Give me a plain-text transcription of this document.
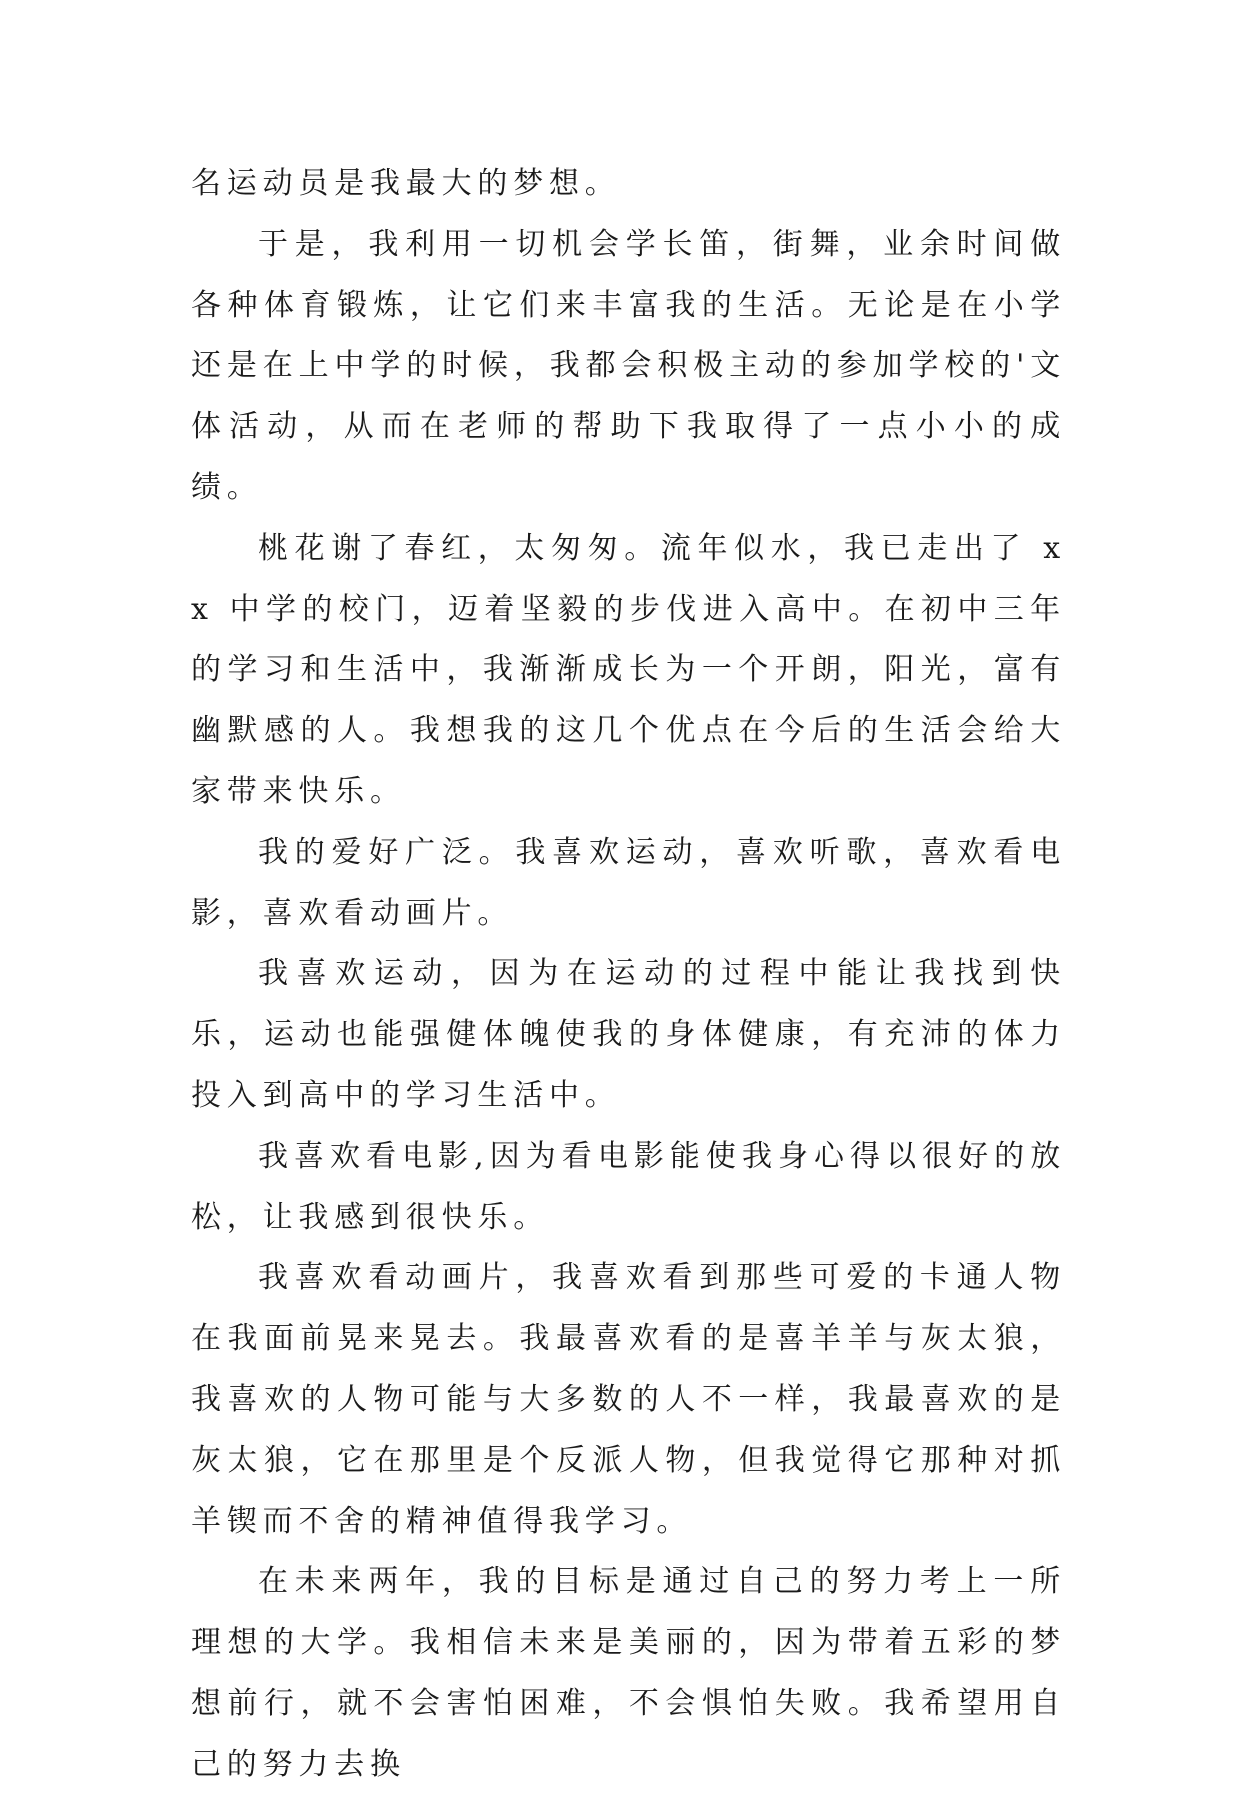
名运动员是我最大的梦想。

于是，我利用一切机会学长笛，街舞，业余时间做各种体育锻炼，让它们来丰富我的生活。无论是在小学还是在上中学的时候，我都会积极主动的参加学校的'文体活动，从而在老师的帮助下我取得了一点小小的成绩。

桃花谢了春红，太匆匆。流年似水，我已走出了 xx 中学的校门，迈着坚毅的步伐进入高中。在初中三年的学习和生活中，我渐渐成长为一个开朗，阳光，富有幽默感的人。我想我的这几个优点在今后的生活会给大家带来快乐。

我的爱好广泛。我喜欢运动，喜欢听歌，喜欢看电影，喜欢看动画片。

我喜欢运动，因为在运动的过程中能让我找到快乐，运动也能强健体魄使我的身体健康，有充沛的体力投入到高中的学习生活中。

我喜欢看电影,因为看电影能使我身心得以很好的放松，让我感到很快乐。

我喜欢看动画片，我喜欢看到那些可爱的卡通人物在我面前晃来晃去。我最喜欢看的是喜羊羊与灰太狼，我喜欢的人物可能与大多数的人不一样，我最喜欢的是灰太狼，它在那里是个反派人物，但我觉得它那种对抓羊锲而不舍的精神值得我学习。

在未来两年，我的目标是通过自己的努力考上一所理想的大学。我相信未来是美丽的，因为带着五彩的梦想前行，就不会害怕困难，不会惧怕失败。我希望用自己的努力去换
